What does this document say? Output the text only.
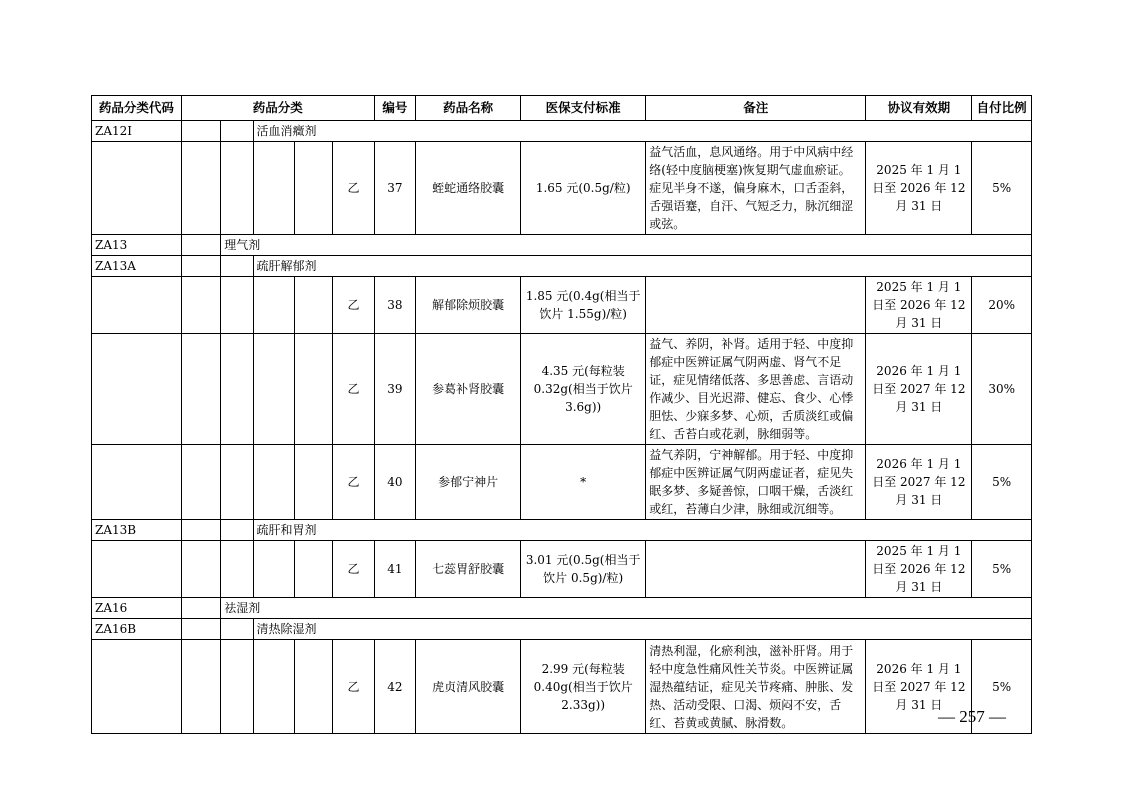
药品分类代码	药品分类					编号	药品名称	医保支付标准	备注	协议有效期	自付比例
ZA12I			活血消癥剂								
					乙	37	蛭蛇通络胶囊	1.65 元(0.5g/粒)	益气活血，息风通络。用于中风病中经络(轻中度脑梗塞)恢复期气虚血瘀证。症见半身不遂，偏身麻木，口舌歪斜，舌强语蹇，自汗、气短乏力，脉沉细涩或弦。	2025 年 1 月 1 日至 2026 年 12 月 31 日	5%
ZA13		理气剂									
ZA13A			疏肝解郁剂								
					乙	38	解郁除烦胶囊	1.85 元(0.4g(相当于饮片 1.55g)/粒)		2025 年 1 月 1 日至 2026 年 12 月 31 日	20%
					乙	39	参葛补肾胶囊	4.35 元(每粒装 0.32g(相当于饮片 3.6g))	益气、养阴，补肾。适用于轻、中度抑郁症中医辨证属气阴两虚、肾气不足证，症见情绪低落、多思善虑、言语动作减少、目光迟滞、健忘、食少、心悸胆怯、少寐多梦、心烦，舌质淡红或偏红、舌苔白或花剥，脉细弱等。	2026 年 1 月 1 日至 2027 年 12 月 31 日	30%
					乙	40	参郁宁神片	*	益气养阴，宁神解郁。用于轻、中度抑郁症中医辨证属气阴两虚证者，症见失眠多梦、多疑善惊，口咽干燥，舌淡红或红，苔薄白少津，脉细或沉细等。	2026 年 1 月 1 日至 2027 年 12 月 31 日	5%
ZA13B			疏肝和胃剂								
					乙	41	七蕊胃舒胶囊	3.01 元(0.5g(相当于饮片 0.5g)/粒)		2025 年 1 月 1 日至 2026 年 12 月 31 日	5%
ZA16		祛湿剂									
ZA16B			清热除湿剂								
					乙	42	虎贞清风胶囊	2.99 元(每粒装 0.40g(相当于饮片 2.33g))	清热利湿，化瘀利浊，滋补肝肾。用于轻中度急性痛风性关节炎。中医辨证属湿热蕴结证，症见关节疼痛、肿胀、发热、活动受限、口渴、烦闷不安，舌红、苔黄或黄腻、脉滑数。	2026 年 1 月 1 日至 2027 年 12 月 31 日	5%
— 257 —
